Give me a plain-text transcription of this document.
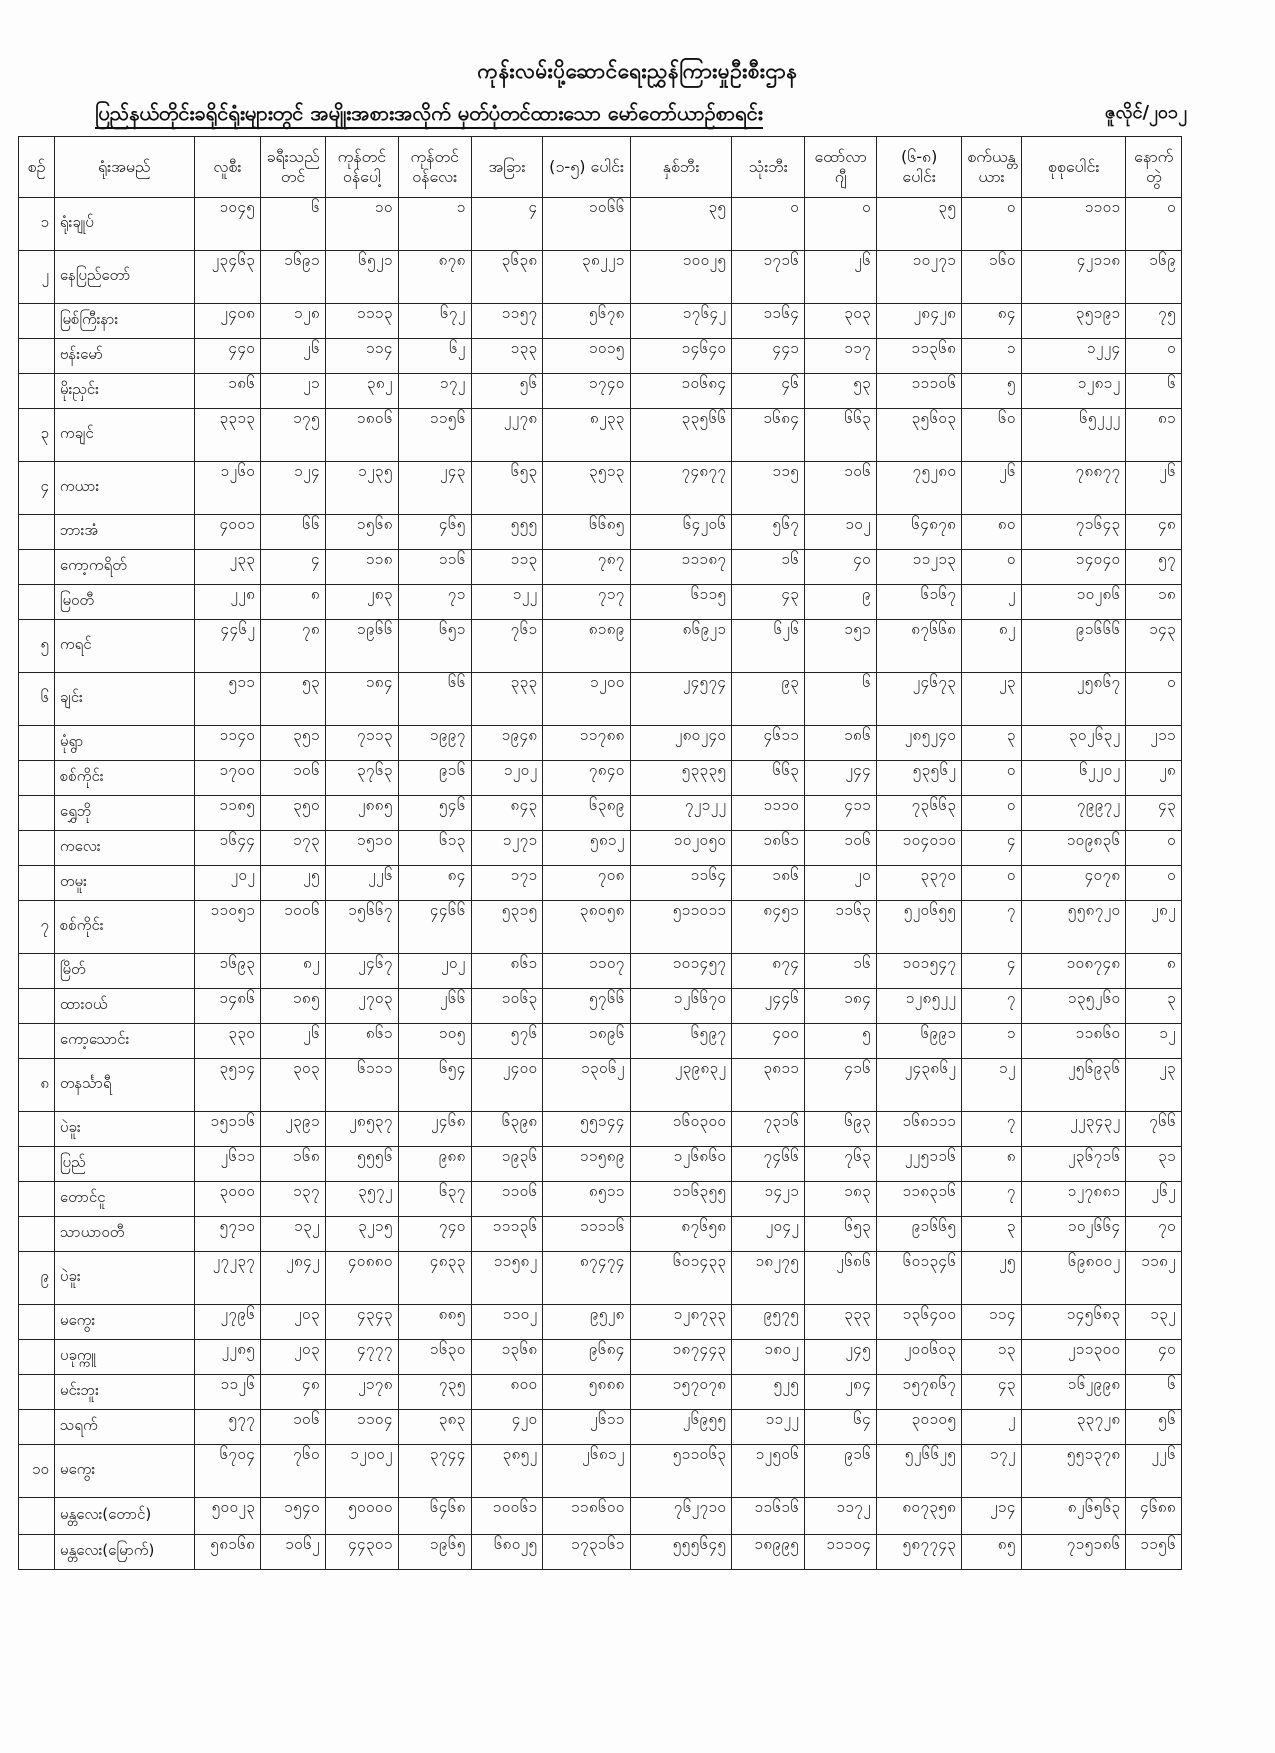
ကုန်းလမ်းပို့ဆောင်ရေးညွှန်ကြားမှုဦးစီးဌာန
ပြည်နယ်တိုင်းခရိုင်ရုံးများတွင် အမျိုးအစားအလိုက် မှတ်ပုံတင်ထားသော မော်တော်ယာဉ်စာရင်း	ဇူလိုင်/၂၀၁၂
စဉ်	ရုံးအမည်	လူစီး	ခရီးသည်တင်	ကုန်တင်ဝန်ပေါ့	ကုန်တင်ဝန်လေး	အခြား	(၁-၅) ပေါင်း	နှစ်ဘီး	သုံးဘီး	ထော်လာဂျီ	(၆-၈) ပေါင်း	စက်ယန္တယား	စုစုပေါင်း	နောက်တွဲ
၁	ရုံးချုပ်	၁၀၄၅	၆	၁၀	၁	၄	၁၀၆၆	၃၅	၀	၀	၃၅	၀	၁၁၀၁	၀
၂	နေပြည်တော်	၂၃၄၆၃	၁၆၉၁	၆၅၂၁	၈၇၈	၃၆၃၈	၃၈၂၂၁	၁၀၀၂၅	၁၇၁၆	၂၆	၁၀၂၇၁	၁၆၀	၄၂၁၁၈	၁၆၉
	မြစ်ကြီးနား	၂၄၀၈	၁၂၈	၁၁၁၃	၆၇၂	၁၁၅၇	၅၆၇၈	၁၇၆၄၂	၁၁၆၄	၃၀၃	၂၈၄၂၈	၈၄	၃၅၁၉၁	၇၅
	ဗန်းမော်	၄၄၀	၂၆	၁၁၄	၆၂	၁၃၃	၁၀၁၅	၁၄၆၄၀	၄၄၁	၁၁၇	၁၁၃၆၈	၁	၁၂၂၄	၀
	မိုးညှင်း	၁၈၆	၂၁	၃၈၂	၁၇၂	၅၆	၁၇၄၀	၁၀၆၈၄	၄၆	၅၃	၁၁၁၀၆	၅	၁၂၈၁၂	၆
၃	ကချင်	၃၃၁၃	၁၇၅	၁၈၀၆	၁၁၅၆	၂၂၇၈	၈၂၃၃	၃၃၅၆၆	၁၆၈၄	၆၆၃	၃၅၆၀၃	၆၀	၆၅၂၂၂	၈၁
၄	ကယား	၁၂၆၀	၁၂၄	၁၂၃၅	၂၄၃	၆၅၃	၃၅၁၃	၇၄၈၇၇	၁၁၅	၁၀၆	၇၅၂၈၀	၂၆	၇၈၈၇၇	၂၆
	ဘားအံ	၄၀၀၁	၆၆	၁၅၆၈	၄၆၅	၅၅၅	၆၆၈၅	၆၄၂၀၆	၅၆၇	၁၀၂	၆၄၈၇၈	၈၀	၇၁၆၄၃	၄၈
	ကော့ကရိတ်	၂၃၃	၄	၁၁၈	၁၁၆	၁၁၃	၇၈၇	၁၁၁၈၇	၁၆	၄၀	၁၁၂၁၃	၀	၁၄၀၄၀	၅၇
	မြဝတီ	၂၂၈	၈	၂၈၃	၇၁	၁၂၂	၇၁၇	၆၁၁၅	၄၃	၉	၆၁၆၇	၂	၁၀၂၈၆	၁၈
၅	ကရင်	၄၄၆၂	၇၈	၁၉၆၆	၆၅၁	၇၆၁	၈၁၈၉	၈၆၉၂၁	၆၂၆	၁၅၁	၈၇၆၆၈	၈၂	၉၁၆၆၆	၁၄၃
၆	ချင်း	၅၁၁	၅၃	၁၈၄	၆၆	၃၃၃	၁၂၀၀	၂၄၅၇၄	၉၃	၆	၂၄၆၇၃	၂၃	၂၅၈၆၇	၀
	မုံရွာ	၁၁၄၀	၃၅၁	၇၁၁၃	၁၉၉၇	၁၉၄၈	၁၁၇၈၈	၂၈၀၂၄၀	၄၆၁၁	၁၈၆	၂၈၅၂၄၀	၃	၃၀၂၆၃၂	၂၁၁
	စစ်ကိုင်း	၁၇၀၀	၁၀၆	၃၇၆၃	၉၁၆	၁၂၀၂	၇၈၄၀	၅၃၃၃၅	၆၆၃	၂၄၄	၅၃၅၆၂	၀	၆၂၂၀၂	၂၈
	ရွှေဘို	၁၁၈၅	၃၅၀	၂၈၈၅	၅၄၆	၈၄၃	၆၃၈၉	၇၂၁၂၂	၁၁၁၀	၄၁၁	၇၃၆၆၃	၀	၇၉၉၇၂	၄၃
	ကလေး	၁၆၄၄	၁၇၃	၁၅၁၀	၆၁၃	၁၂၇၁	၅၈၁၂	၁၀၂၀၅၀	၁၈၆၁	၁၀၆	၁၀၄၀၁၀	၄	၁၀၉၈၃၆	၀
	တမူး	၂၀၂	၂၅	၂၂၆	၈၄	၁၇၁	၇၀၈	၁၁၆၄	၁၈၆	၂၀	၃၃၇၀	၀	၄၀၇၈	၀
၇	စစ်ကိုင်း	၁၁၀၅၁	၁၀၀၆	၁၅၆၆၇	၄၄၆၆	၅၃၁၅	၃၈၀၅၈	၅၁၁၀၁၁	၈၄၅၁	၁၁၆၃	၅၂၀၆၅၅	၇	၅၅၈၇၂၀	၂၈၂
	မြိတ်	၁၆၉၃	၈၂	၂၄၆၇	၂၀၂	၈၆၁	၁၁၀၇	၁၀၁၄၅၇	၈၇၄	၁၆	၁၀၁၅၄၇	၄	၁၀၈၇၄၈	၈
	ထားဝယ်	၁၄၈၆	၁၈၅	၂၇၀၃	၂၆၆	၁၀၆၃	၅၇၆၆	၁၂၆၆၇၀	၂၄၄၆	၁၈၄	၁၂၈၅၂၂	၇	၁၃၅၂၆၀	၃
	ကော့သောင်း	၃၃၀	၂၆	၈၆၁	၁၀၅	၅၇၆	၁၈၉၆	၆၅၉၇	၄၀၀	၅	၆၉၉၁	၁	၁၁၈၆၀	၁၂
၈	တနင်္သာရီ	၃၅၁၄	၃၀၃	၆၁၁၁	၆၅၄	၂၄၀၀	၁၃၀၆၂	၂၃၉၈၃၂	၃၈၁၁	၄၁၆	၂၄၃၈၆၂	၁၂	၂၅၆၉၃၆	၂၃
	ပဲခူး	၁၅၁၁၆	၂၃၉၁	၂၈၅၃၇	၂၄၆၈	၆၃၉၈	၅၅၁၄၄	၁၆၀၃၀၀	၇၃၁၆	၆၉၃	၁၆၈၁၁၁	၇	၂၂၃၄၃၂	၇၆၆
	ပြည်	၂၆၁၁	၁၆၈	၅၅၅၆	၉၈၈	၁၉၃၆	၁၁၅၈၉	၁၂၆၈၆၀	၇၄၆၆	၇၆၃	၂၂၅၁၁၆	၈	၂၃၆၇၁၆	၃၁
	တောင်ငူ	၃၀၀၀	၁၃၇	၃၅၇၂	၆၃၇	၁၁၀၆	၈၅၁၁	၁၁၆၃၅၅	၁၄၂၁	၁၈၃	၁၁၈၃၁၆	၇	၁၂၇၈၈၁	၂၆၂
	သာယာဝတီ	၅၇၁၀	၁၃၂	၃၂၁၅	၇၄၀	၁၁၁၃၆	၁၁၁၁၆	၈၇၆၅၈	၂၀၄၂	၆၅၃	၉၁၆၆၅	၃	၁၀၂၆၆၄	၇၀
၉	ပဲခူး	၂၇၂၃၇	၂၈၄၂	၄၀၈၈၀	၄၈၃၃	၁၁၅၈၂	၈၇၄၇၄	၆၀၁၄၃၃	၁၈၂၇၅	၂၆၈၆	၆၀၁၃၄၆	၂၅	၆၉၈၀၀၂	၁၁၈၂
	မကွေး	၂၇၉၆	၂၀၃	၄၃၄၃	၈၈၅	၁၁၀၂	၉၅၂၈	၁၂၈၇၃၃	၉၅၇၅	၃၃၃	၁၃၆၄၀၀	၁၁၄	၁၄၅၆၈၃	၁၃၂
	ပခုက္ကူ	၂၂၈၅	၂၀၃	၄၇၇၇	၁၆၃၀	၁၃၆၈	၉၆၈၄	၁၈၇၄၄၃	၁၈၀၂	၂၄၅	၂၀၀၆၀၃	၁၃	၂၁၁၃၀၀	၄၀
	မင်းဘူး	၁၁၂၆	၄၈	၂၁၇၈	၇၃၅	၈၀၀	၅၈၈၈	၁၅၇၀၇၈	၅၂၅	၂၈၄	၁၅၇၈၆၇	၄၃	၁၆၂၉၉၈	၆
	သရက်	၅၇၇	၁၀၆	၁၁၀၄	၃၈၃	၄၂၀	၂၆၁၁	၂၆၉၅၅	၁၁၂၂	၆၄	၃၀၁၀၅	၂	၃၃၇၂၈	၅၆
၁၀	မကွေး	၆၇၀၄	၇၆၀	၁၂၀၀၂	၃၇၄၄	၃၈၅၂	၂၆၈၁၂	၅၁၁၀၆၃	၁၂၅၀၆	၉၁၆	၅၂၆၆၂၅	၁၇၂	၅၅၁၃၇၈	၂၂၆
	မန္တလေး(တောင်)	၅၀၀၂၃	၁၅၄၀	၅၀၀၀၀	၆၄၆၈	၁၀၀၆၁	၁၁၈၆၀၀	၇၆၂၇၁၀	၁၁၆၁၆	၁၁၇၂	၈၀၇၃၅၈	၂၁၄	၈၂၆၅၆၃	၄၆၈၈
	မန္တလေး(မြောက်)	၅၈၁၆၈	၁၀၆၂	၄၄၃၀၁	၁၉၆၅	၆၈၀၂၅	၁၇၃၁၆၁	၅၅၅၆၄၅	၁၈၉၉၅	၁၁၁၀၄	၅၈၇၇၄၃	၈၅	၇၁၅၁၈၆	၁၁၅၆
